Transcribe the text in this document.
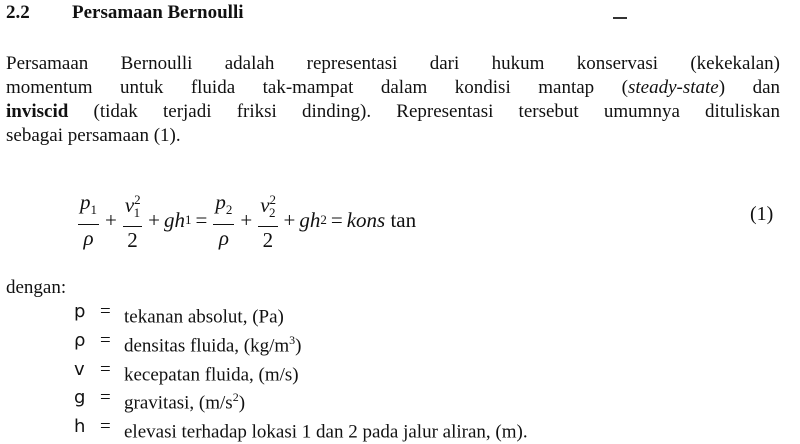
2.2 Persamaan Bernoulli
Persamaan Bernoulli adalah representasi dari hukum konservasi (kekekalan)
momentum untuk fluida tak-mampat dalam kondisi mantap (steady-state) dan
inviscid (tidak terjadi friksi dinding). Representasi tersebut umumnya dituliskan
sebagai persamaan (1).
$\frac{p_1}{\rho} + \frac{v^2_1}{2} + g$ h $1 = \frac{p_2}{\rho} + \frac{v^2_2}{2} + g$ h 2 = kons
tan	(1)
dengan:
p = tekanan absolut, (Pa)
ρ = densitas fluida, $(kg/m^3)$
v = kecepatan fluida, (m/s)
g = gravitasi, $(m/s^2)$
h = elevasi terhadap lokasi 1 dan 2 pada jalur aliran, (m).
